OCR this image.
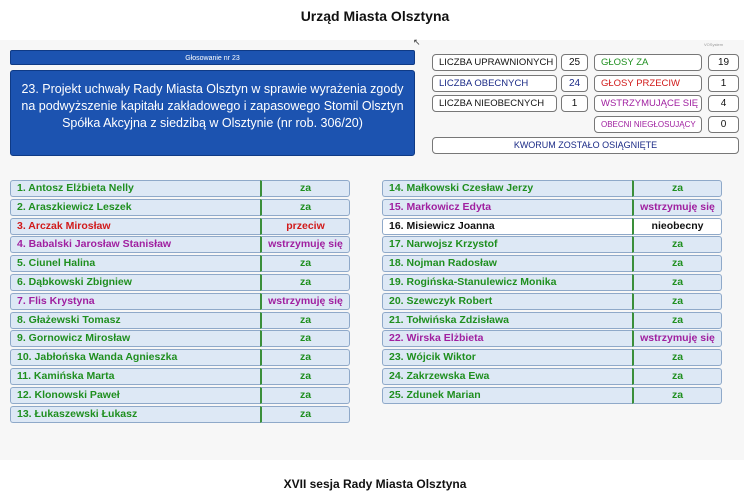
Urząd Miasta Olsztyna
VOSystem
↖
Głosowanie nr 23
23. Projekt uchwały Rady Miasta Olsztyn w sprawie wyrażenia zgody na podwyższenie kapitału zakładowego i zapasowego Stomil Olsztyn Spółka Akcyjna z siedzibą w Olsztynie (nr rob. 306/20)
LICZBA UPRAWNIONYCH	25
LICZBA OBECNYCH	24
LICZBA NIEOBECNYCH	1
GŁOSY ZA	19
GŁOSY PRZECIW	1
WSTRZYMUJĄCE SIĘ	4
OBECNI NIEGŁOSUJĄCY	0
KWORUM ZOSTAŁO OSIĄGNIĘTE
1. Antosz Elżbieta Nelly	za
2. Araszkiewicz Leszek	za
3. Arczak Mirosław	przeciw
4. Babalski Jarosław Stanisław	wstrzymuję się
5. Ciunel Halina	za
6. Dąbkowski Zbigniew	za
7. Flis Krystyna	wstrzymuję się
8. Głażewski Tomasz	za
9. Gornowicz Mirosław	za
10. Jabłońska Wanda Agnieszka	za
11. Kamińska Marta	za
12. Klonowski Paweł	za
13. Łukaszewski Łukasz	za
14. Małkowski Czesław Jerzy	za
15. Markowicz Edyta	wstrzymuję się
16. Misiewicz Joanna	nieobecny
17. Narwojsz Krzystof	za
18. Nojman Radosław	za
19. Rogińska-Stanulewicz Monika	za
20. Szewczyk Robert	za
21. Tołwińska Zdzisława	za
22. Wirska Elżbieta	wstrzymuję się
23. Wójcik Wiktor	za
24. Zakrzewska Ewa	za
25. Zdunek Marian	za
XVII sesja Rady Miasta Olsztyna
